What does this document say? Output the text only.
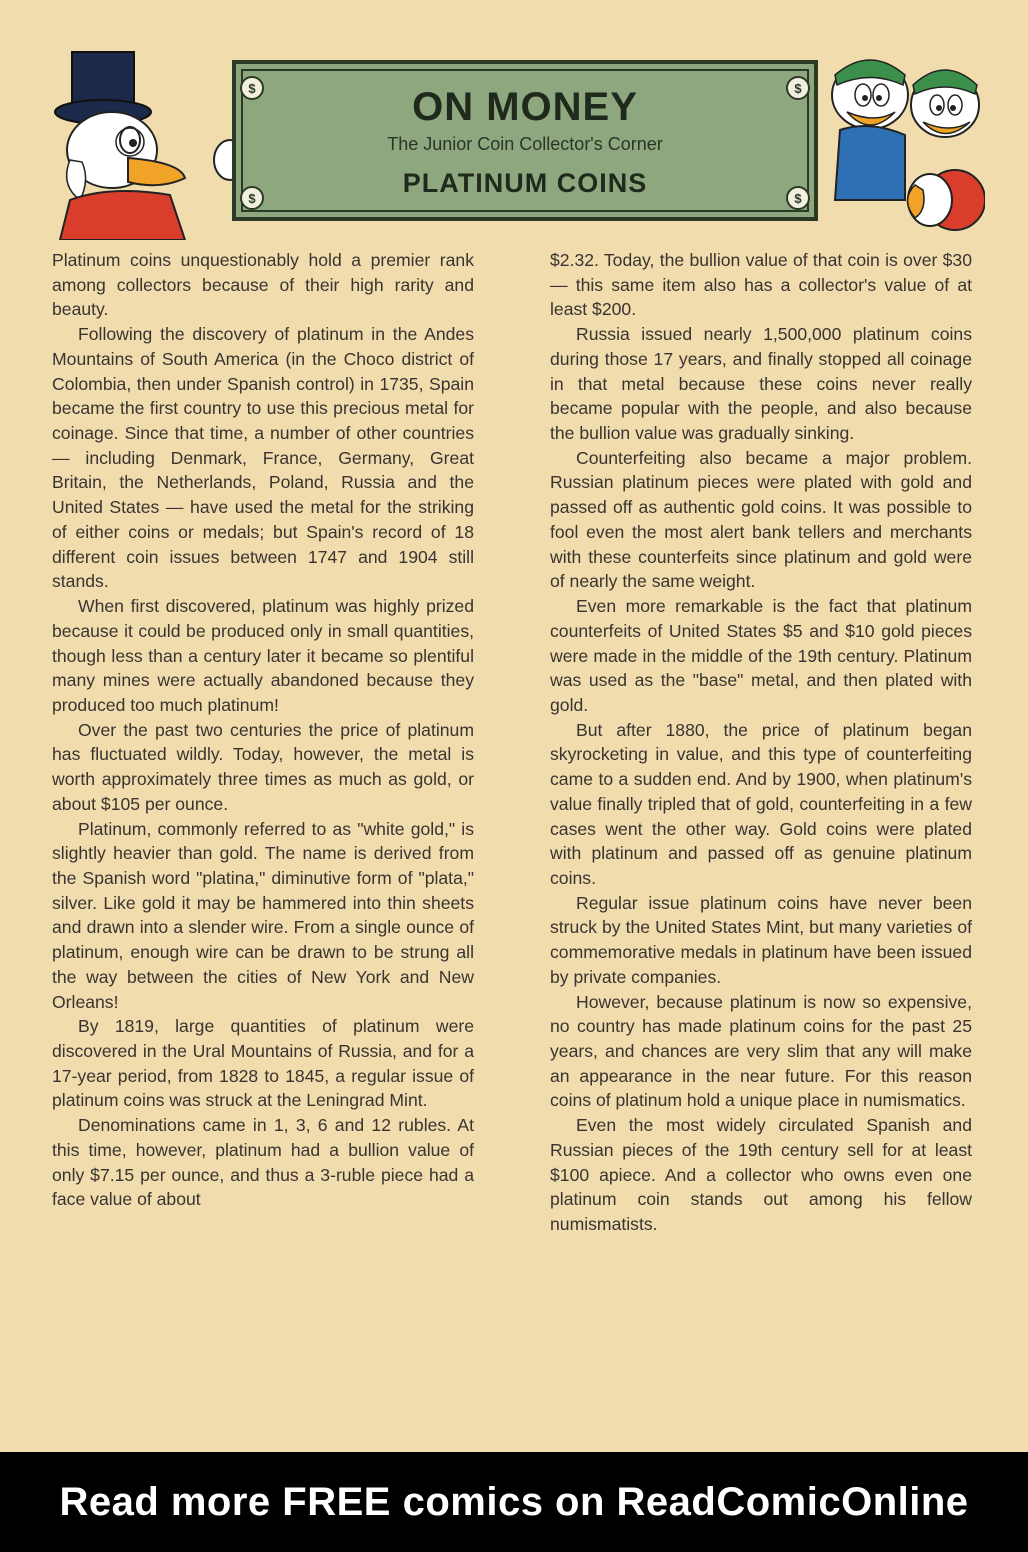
$	$
$	$
ON MONEY
The Junior Coin Collector's Corner
PLATINUM COINS

Platinum coins unquestionably hold a premier rank among collectors because of their high rarity and beauty.

Following the discovery of platinum in the Andes Mountains of South America (in the Choco district of Colombia, then under Spanish control) in 1735, Spain became the first country to use this precious metal for coinage. Since that time, a number of other countries — including Denmark, France, Germany, Great Britain, the Netherlands, Poland, Russia and the United States — have used the metal for the striking of either coins or medals; but Spain's record of 18 different coin issues between 1747 and 1904 still stands.

When first discovered, platinum was highly prized because it could be produced only in small quantities, though less than a century later it became so plentiful many mines were actually abandoned because they produced too much platinum!

Over the past two centuries the price of platinum has fluctuated wildly. Today, however, the metal is worth approximately three times as much as gold, or about $105 per ounce.

Platinum, commonly referred to as "white gold," is slightly heavier than gold. The name is derived from the Spanish word "platina," diminutive form of "plata," silver. Like gold it may be hammered into thin sheets and drawn into a slender wire. From a single ounce of platinum, enough wire can be drawn to be strung all the way between the cities of New York and New Orleans!

By 1819, large quantities of platinum were discovered in the Ural Mountains of Russia, and for a 17-year period, from 1828 to 1845, a regular issue of platinum coins was struck at the Leningrad Mint.

Denominations came in 1, 3, 6 and 12 rubles. At this time, however, platinum had a bullion value of only $7.15 per ounce, and thus a 3-ruble piece had a face value of about

$2.32. Today, the bullion value of that coin is over $30 — this same item also has a collector's value of at least $200.

Russia issued nearly 1,500,000 platinum coins during those 17 years, and finally stopped all coinage in that metal because these coins never really became popular with the people, and also because the bullion value was gradually sinking.

Counterfeiting also became a major problem. Russian platinum pieces were plated with gold and passed off as authentic gold coins. It was possible to fool even the most alert bank tellers and merchants with these counterfeits since platinum and gold were of nearly the same weight.

Even more remarkable is the fact that platinum counterfeits of United States $5 and $10 gold pieces were made in the middle of the 19th century. Platinum was used as the "base" metal, and then plated with gold.

But after 1880, the price of platinum began skyrocketing in value, and this type of counterfeiting came to a sudden end. And by 1900, when platinum's value finally tripled that of gold, counterfeiting in a few cases went the other way. Gold coins were plated with platinum and passed off as genuine platinum coins.

Regular issue platinum coins have never been struck by the United States Mint, but many varieties of commemorative medals in platinum have been issued by private companies.

However, because platinum is now so expensive, no country has made platinum coins for the past 25 years, and chances are very slim that any will make an appearance in the near future. For this reason coins of platinum hold a unique place in numismatics.

Even the most widely circulated Spanish and Russian pieces of the 19th century sell for at least $100 apiece. And a collector who owns even one platinum coin stands out among his fellow numismatists.

Read more FREE comics on ReadComicOnline
